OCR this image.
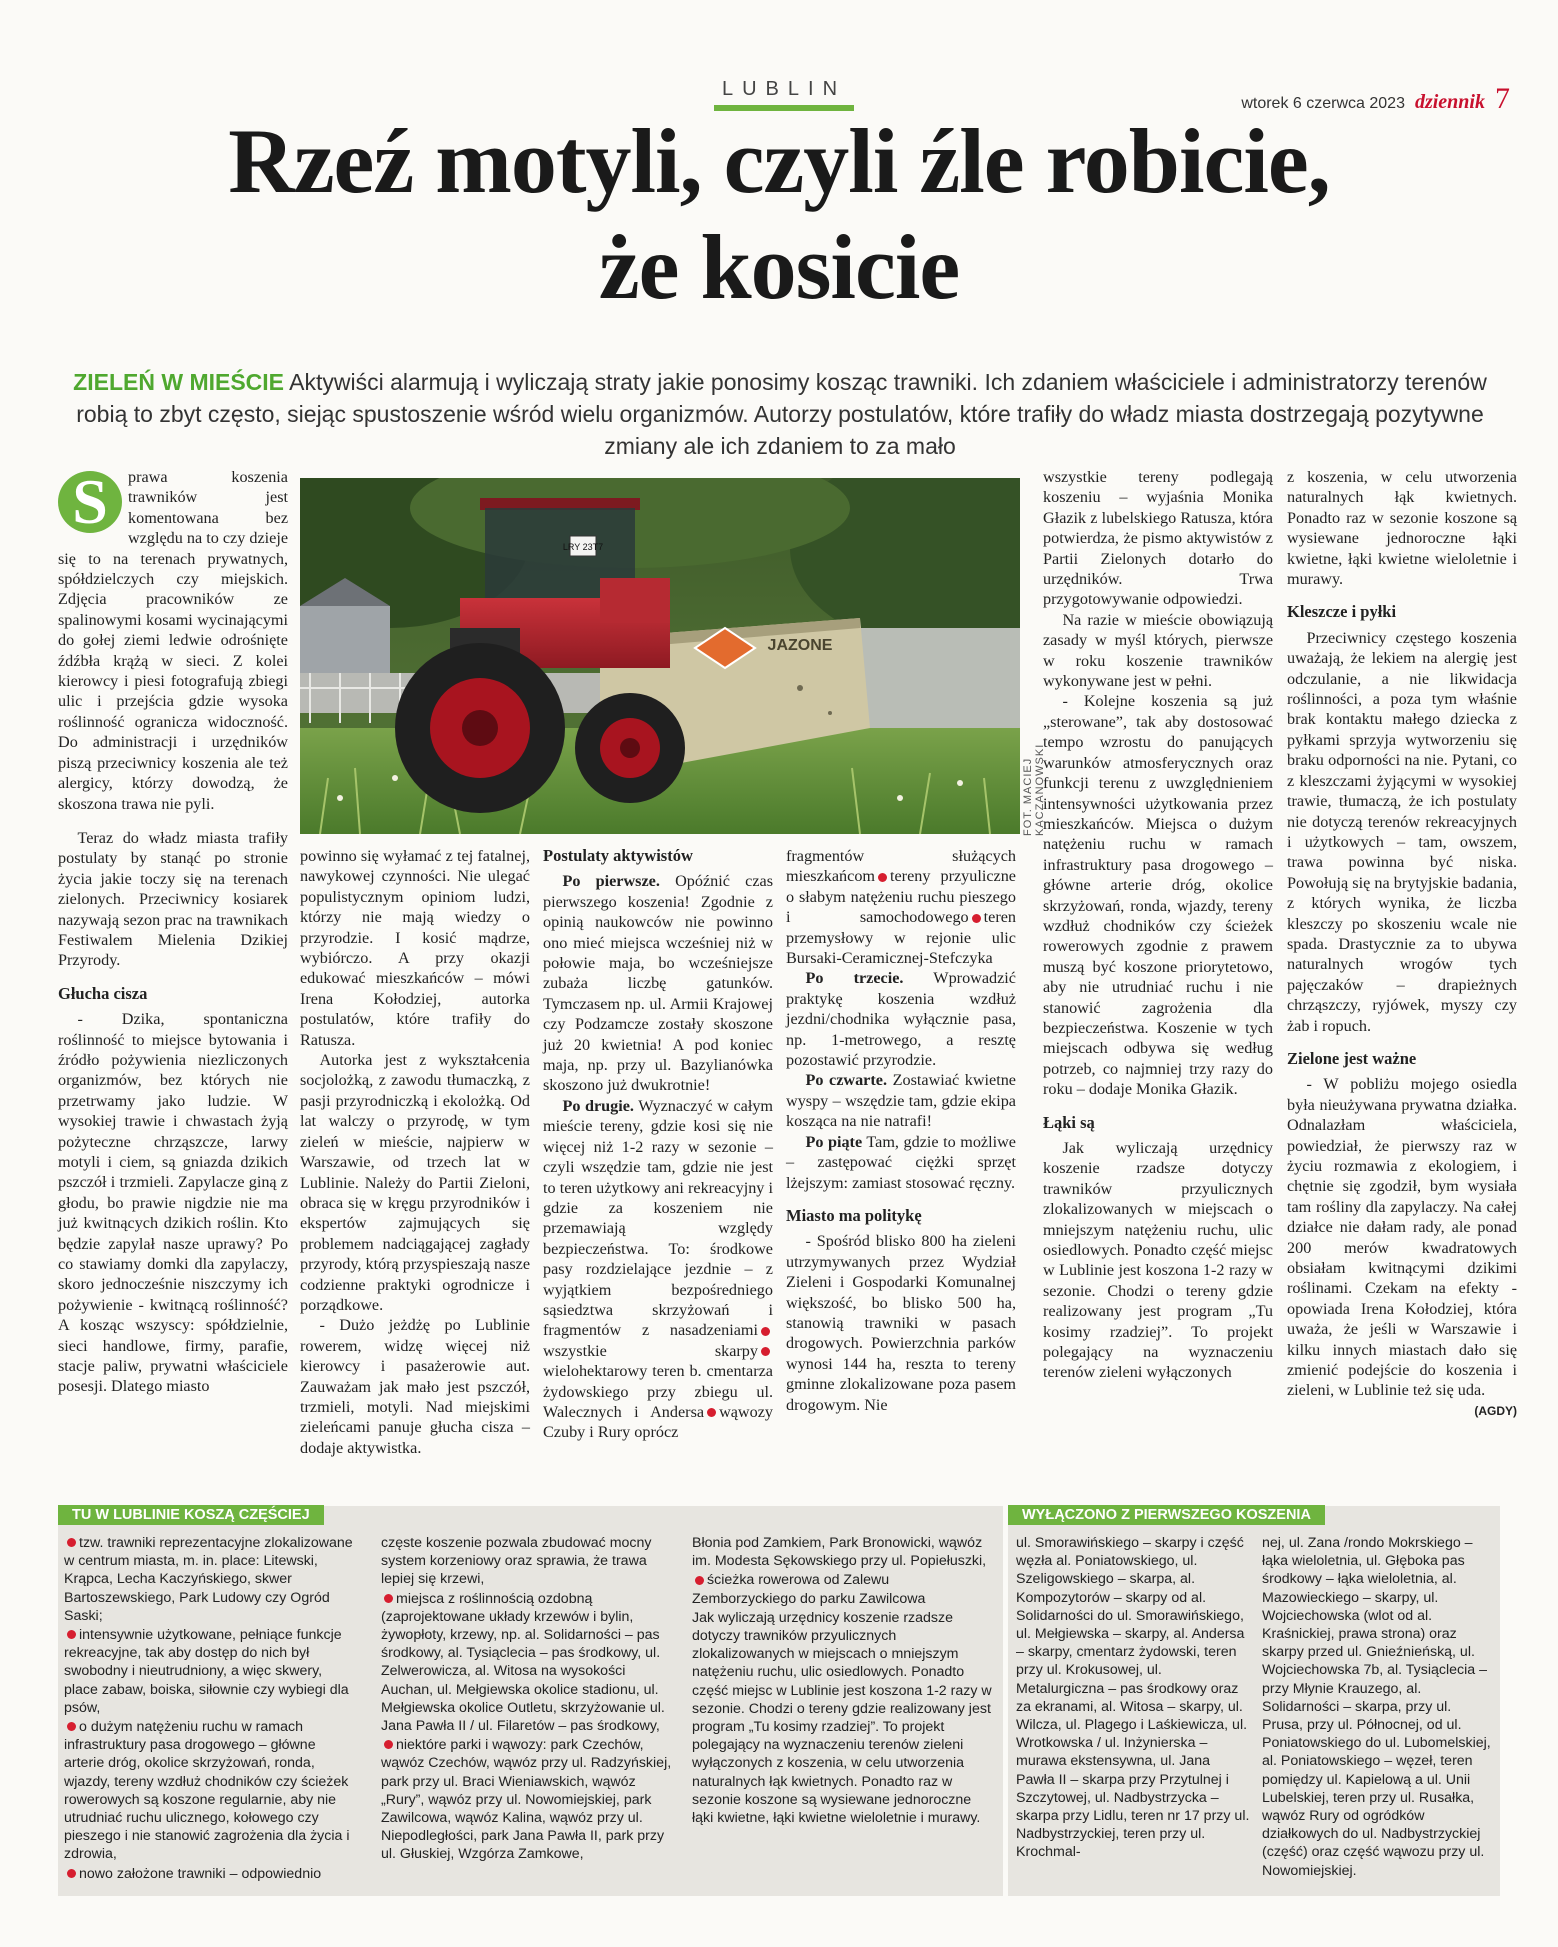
LUBLIN
wtorek 6 czerwca 2023 dziennik 7
Rzeź motyli, czyli źle robicie,
że kosicie
ZIELEŃ W MIEŚCIE Aktywiści alarmują i wyliczają straty jakie ponosimy kosząc trawniki. Ich zdaniem właściciele i administratorzy terenów robią to zbyt często, siejąc spustoszenie wśród wielu organizmów. Autorzy postulatów, które trafiły do władz miasta dostrzegają pozytywne zmiany ale ich zdaniem to za mało
S	prawa koszenia trawników jest komentowana bez względu na to czy dzieje się to na terenach prywatnych, spółdzielczych czy miejskich. Zdjęcia pracowników ze spalinowymi kosami wycinającymi do gołej ziemi ledwie odrośnięte źdźbła krążą w sieci. Z kolei kierowcy i piesi fotografują zbiegi ulic i przejścia gdzie wysoka roślinność ogranicza widoczność. Do administracji i urzędników piszą przeciwnicy koszenia ale też alergicy, którzy dowodzą, że skoszona trawa nie pyli.

Teraz do władz miasta trafiły postulaty by stanąć po stronie życia jakie toczy się na terenach zielonych. Przeciwnicy kosiarek nazywają sezon prac na trawnikach Festiwalem Mielenia Dzikiej Przyrody.

Głucha cisza

- Dzika, spontaniczna roślinność to miejsce bytowania i źródło pożywienia niezliczonych organizmów, bez których nie przetrwamy jako ludzie. W wysokiej trawie i chwastach żyją pożyteczne chrząszcze, larwy motyli i ciem, są gniazda dzikich pszczół i trzmieli. Zapylacze giną z głodu, bo prawie nigdzie nie ma już kwitnących dzikich roślin. Kto będzie zapylał nasze uprawy? Po co stawiamy domki dla zapylaczy, skoro jednocześnie niszczymy ich pożywienie - kwitnącą roślinność? A kosząc wszyscy: spółdzielnie, sieci handlowe, firmy, parafie, stacje paliw, prywatni właściciele posesji. Dlatego miasto

LRY 23T7
JAZONE
FOT. MACIEJ KACZANOWSKI

powinno się wyłamać z tej fatalnej, nawykowej czynności. Nie ulegać populistycznym opiniom ludzi, którzy nie mają wiedzy o przyrodzie. I kosić mądrze, wybiórczo. A przy okazji edukować mieszkańców – mówi Irena Kołodziej, autorka postulatów, które trafiły do Ratusza.

Autorka jest z wykształcenia socjolożką, z zawodu tłumaczką, z pasji przyrodniczką i ekolożką. Od lat walczy o przyrodę, w tym zieleń w mieście, najpierw w Warszawie, od trzech lat w Lublinie. Należy do Partii Zieloni, obraca się w kręgu przyrodników i ekspertów zajmujących się problemem nadciągającej zagłady przyrody, którą przyspieszają nasze codzienne praktyki ogrodnicze i porządkowe.

- Dużo jeżdżę po Lublinie rowerem, widzę więcej niż kierowcy i pasażerowie aut. Zauważam jak mało jest pszczół, trzmieli, motyli. Nad miejskimi zieleńcami panuje głucha cisza – dodaje aktywistka.

Postulaty aktywistów

Po pierwsze. Opóźnić czas pierwszego koszenia! Zgodnie z opinią naukowców nie powinno ono mieć miejsca wcześniej niż w połowie maja, bo wcześniejsze zubaża liczbę gatunków. Tymczasem np. ul. Armii Krajowej czy Podzamcze zostały skoszone już 20 kwietnia! A pod koniec maja, np. przy ul. Bazylianówka skoszono już dwukrotnie!

Po drugie. Wyznaczyć w całym mieście tereny, gdzie kosi się nie więcej niż 1-2 razy w sezonie – czyli wszędzie tam, gdzie nie jest to teren użytkowy ani rekreacyjny i gdzie za koszeniem nie przemawiają względy bezpieczeństwa. To: środkowe pasy rozdzielające jezdnie – z wyjątkiem bezpośredniego sąsiedztwa skrzyżowań i fragmentów z nasadzeniamiwszystkie skarpywielohektarowy teren b. cmentarza żydowskiego przy zbiegu ul. Walecznych i Andersa wąwozy Czuby i Rury oprócz

fragmentów służących mieszkańcom tereny przyuliczne o słabym natężeniu ruchu pieszego i samochodowego teren przemysłowy w rejonie ulic Bursaki-Ceramicznej-Stefczyka

Po trzecie. Wprowadzić praktykę koszenia wzdłuż jezdni/chodnika wyłącznie pasa, np. 1-metrowego, a resztę pozostawić przyrodzie.

Po czwarte. Zostawiać kwietne wyspy – wszędzie tam, gdzie ekipa kosząca na nie natrafi!

Po piąte Tam, gdzie to możliwe – zastępować ciężki sprzęt lżejszym: zamiast stosować ręczny.

Miasto ma politykę

- Spośród blisko 800 ha zieleni utrzymywanych przez Wydział Zieleni i Gospodarki Komunalnej większość, bo blisko 500 ha, stanowią trawniki w pasach drogowych. Powierzchnia parków wynosi 144 ha, reszta to tereny gminne zlokalizowane poza pasem drogowym. Nie

wszystkie tereny podlegają koszeniu – wyjaśnia Monika Głazik z lubelskiego Ratusza, która potwierdza, że pismo aktywistów z Partii Zielonych dotarło do urzędników. Trwa przygotowywanie odpowiedzi.

Na razie w mieście obowiązują zasady w myśl których, pierwsze w roku koszenie trawników wykonywane jest w pełni.

- Kolejne koszenia są już „sterowane”, tak aby dostosować tempo wzrostu do panujących warunków atmosferycznych oraz funkcji terenu z uwzględnieniem intensywności użytkowania przez mieszkańców. Miejsca o dużym natężeniu ruchu w ramach infrastruktury pasa drogowego – główne arterie dróg, okolice skrzyżowań, ronda, wjazdy, tereny wzdłuż chodników czy ścieżek rowerowych zgodnie z prawem muszą być koszone priorytetowo, aby nie utrudniać ruchu i nie stanowić zagrożenia dla bezpieczeństwa. Koszenie w tych miejscach odbywa się według potrzeb, co najmniej trzy razy do roku – dodaje Monika Głazik.

Łąki są

Jak wyliczają urzędnicy koszenie rzadsze dotyczy trawników przyulicznych zlokalizowanych w miejscach o mniejszym natężeniu ruchu, ulic osiedlowych. Ponadto część miejsc w Lublinie jest koszona 1-2 razy w sezonie. Chodzi o tereny gdzie realizowany jest program „Tu kosimy rzadziej”. To projekt polegający na wyznaczeniu terenów zieleni wyłączonych

z koszenia, w celu utworzenia naturalnych łąk kwietnych. Ponadto raz w sezonie koszone są wysiewane jednoroczne łąki kwietne, łąki kwietne wieloletnie i murawy.

Kleszcze i pyłki

Przeciwnicy częstego koszenia uważają, że lekiem na alergię jest odczulanie, a nie likwidacja roślinności, a poza tym właśnie brak kontaktu małego dziecka z pyłkami sprzyja wytworzeniu się braku odporności na nie. Pytani, co z kleszczami żyjącymi w wysokiej trawie, tłumaczą, że ich postulaty nie dotyczą terenów rekreacyjnych i użytkowych – tam, owszem, trawa powinna być niska. Powołują się na brytyjskie badania, z których wynika, że liczba kleszczy po skoszeniu wcale nie spada. Drastycznie za to ubywa naturalnych wrogów tych pajęczaków – drapieżnych chrząszczy, ryjówek, myszy czy żab i ropuch.

Zielone jest ważne

- W pobliżu mojego osiedla była nieużywana prywatna działka. Odnalazłam właściciela, powiedział, że pierwszy raz w życiu rozmawia z ekologiem, i chętnie się zgodził, bym wysiała tam rośliny dla zapylaczy. Na całej działce nie dałam rady, ale ponad 200 merów kwadratowych obsiałam kwitnącymi dzikimi roślinami. Czekam na efekty - opowiada Irena Kołodziej, która uważa, że jeśli w Warszawie i kilku innych miastach dało się zmienić podejście do koszenia i zieleni, w Lublinie też się uda.

(AGDY)
TU W LUBLINIE KOSZĄ CZĘŚCIEJ

tzw. trawniki reprezentacyjne zlokalizowane w centrum miasta, m. in. place: Litewski, Krąpca, Lecha Kaczyńskiego, skwer Bartoszewskiego, Park Ludowy czy Ogród Saski;

intensywnie użytkowane, pełniące funkcje rekreacyjne, tak aby dostęp do nich był swobodny i nieutrudniony, a więc skwery, place zabaw, boiska, siłownie czy wybiegi dla psów,

o dużym natężeniu ruchu w ramach infrastruktury pasa drogowego – główne arterie dróg, okolice skrzyżowań, ronda, wjazdy, tereny wzdłuż chodników czy ścieżek rowerowych są koszone regularnie, aby nie utrudniać ruchu ulicznego, kołowego czy pieszego i nie stanowić zagrożenia dla życia i zdrowia,

nowo założone trawniki – odpowiednio

częste koszenie pozwala zbudować mocny system korzeniowy oraz sprawia, że trawa lepiej się krzewi,

miejsca z roślinnością ozdobną (zaprojektowane układy krzewów i bylin, żywopłoty, krzewy, np. al. Solidarności – pas środkowy, al. Tysiąclecia – pas środkowy, ul. Zelwerowicza, al. Witosa na wysokości Auchan, ul. Mełgiewska okolice stadionu, ul. Mełgiewska okolice Outletu, skrzyżowanie ul. Jana Pawła II / ul. Filaretów – pas środkowy,

niektóre parki i wąwozy: park Czechów, wąwóz Czechów, wąwóz przy ul. Radzyńskiej, park przy ul. Braci Wieniawskich, wąwóz „Rury”, wąwóz przy ul. Nowomiejskiej, park Zawilcowa, wąwóz Kalina, wąwóz przy ul. Niepodległości, park Jana Pawła II, park przy ul. Głuskiej, Wzgórza Zamkowe,

Błonia pod Zamkiem, Park Bronowicki, wąwóz im. Modesta Sękowskiego przy ul. Popiełuszki,

ścieżka rowerowa od Zalewu Zemborzyckiego do parku Zawilcowa

Jak wyliczają urzędnicy koszenie rzadsze dotyczy trawników przyulicznych zlokalizowanych w miejscach o mniejszym natężeniu ruchu, ulic osiedlowych. Ponadto część miejsc w Lublinie jest koszona 1-2 razy w sezonie. Chodzi o tereny gdzie realizowany jest program „Tu kosimy rzadziej”. To projekt polegający na wyznaczeniu terenów zieleni wyłączonych z koszenia, w celu utworzenia naturalnych łąk kwietnych. Ponadto raz w sezonie koszone są wysiewane jednoroczne łąki kwietne, łąki kwietne wieloletnie i murawy.

WYŁĄCZONO Z PIERWSZEGO KOSZENIA

ul. Smorawińskiego – skarpy i część węzła al. Poniatowskiego, ul. Szeligowskiego – skarpa, al. Kompozytorów – skarpy od al. Solidarności do ul. Smorawińskiego, ul. Mełgiewska – skarpy, al. Andersa – skarpy, cmentarz żydowski, teren przy ul. Krokusowej, ul. Metalurgiczna – pas środkowy oraz za ekranami, al. Witosa – skarpy, ul. Wilcza, ul. Plagego i Laśkiewicza, ul. Wrotkowska / ul. Inżynierska – murawa ekstensywna, ul. Jana Pawła II – skarpa przy Przytulnej i Szczytowej, ul. Nadbystrzycka – skarpa przy Lidlu, teren nr 17 przy ul. Nadbystrzyckiej, teren przy ul. Krochmal-

nej, ul. Zana /rondo Mokrskiego – łąka wieloletnia, ul. Głęboka pas środkowy – łąka wieloletnia, al. Mazowieckiego – skarpy, ul. Wojciechowska (wlot od al. Kraśnickiej, prawa strona) oraz skarpy przed ul. Gnieźnieńską, ul. Wojciechowska 7b, al. Tysiąclecia – przy Młynie Krauzego, al. Solidarności – skarpa, przy ul. Prusa, przy ul. Północnej, od ul. Poniatowskiego do ul. Lubomelskiej, al. Poniatowskiego – węzeł, teren pomiędzy ul. Kapielową a ul. Unii Lubelskiej, teren przy ul. Rusałka, wąwóz Rury od ogródków działkowych do ul. Nadbystrzyckiej (część) oraz część wąwozu przy ul. Nowomiejskiej.
